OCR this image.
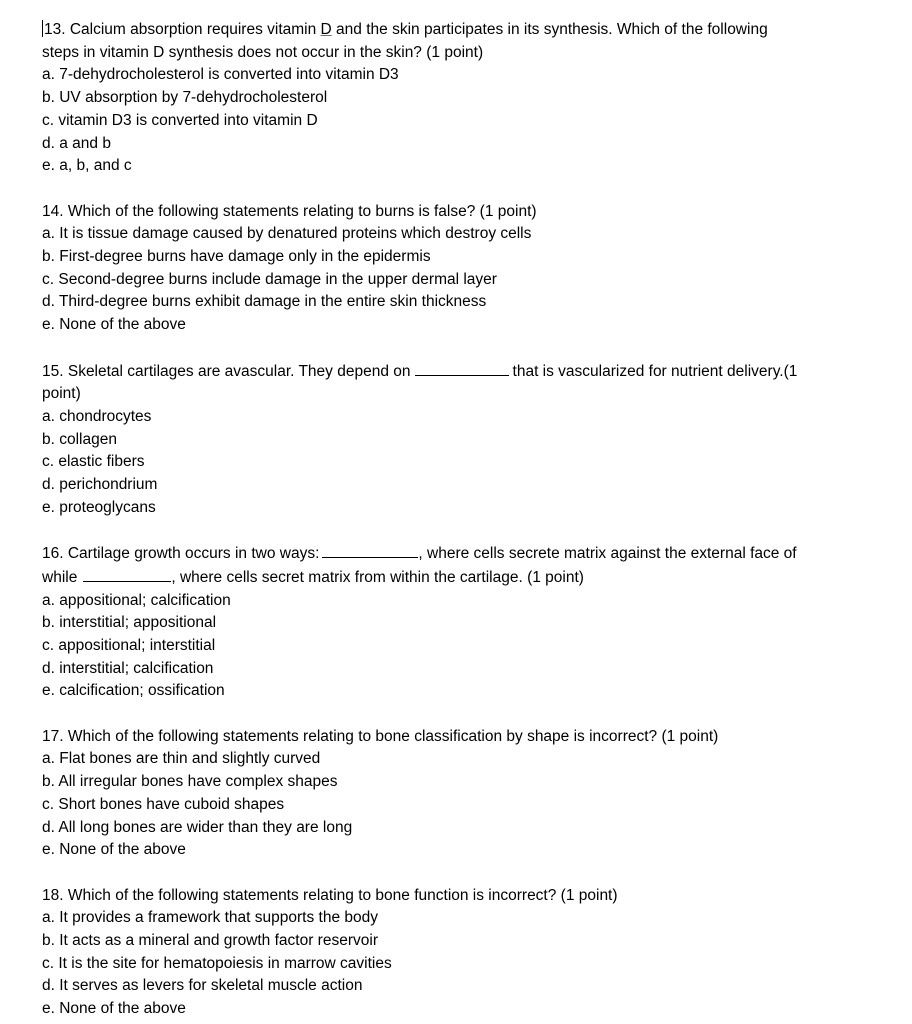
13. Calcium absorption requires vitamin D and the skin participates in its synthesis. Which of the following
steps in vitamin D synthesis does not occur in the skin? (1 point)
a. 7-dehydrocholesterol is converted into vitamin D3
b. UV absorption by 7-dehydrocholesterol
c. vitamin D3 is converted into vitamin D
d. a and b
e. a, b, and c
14. Which of the following statements relating to burns is false? (1 point)
a. It is tissue damage caused by denatured proteins which destroy cells
b. First-degree burns have damage only in the epidermis
c. Second-degree burns include damage in the upper dermal layer
d. Third-degree burns exhibit damage in the entire skin thickness
e. None of the above
15. Skeletal cartilages are avascular. They depend on	that is vascularized for nutrient delivery.(1
point)
a. chondrocytes
b. collagen
c. elastic fibers
d. perichondrium
e. proteoglycans
16. Cartilage growth occurs in two ways:	, where cells secrete matrix against the external face of
while	, where cells secret matrix from within the cartilage. (1 point)
a. appositional; calcification
b. interstitial; appositional
c. appositional; interstitial
d. interstitial; calcification
e. calcification; ossification
17. Which of the following statements relating to bone classification by shape is incorrect? (1 point)
a. Flat bones are thin and slightly curved
b. All irregular bones have complex shapes
c. Short bones have cuboid shapes
d. All long bones are wider than they are long
e. None of the above
18. Which of the following statements relating to bone function is incorrect? (1 point)
a. It provides a framework that supports the body
b. It acts as a mineral and growth factor reservoir
c. It is the site for hematopoiesis in marrow cavities
d. It serves as levers for skeletal muscle action
e. None of the above
